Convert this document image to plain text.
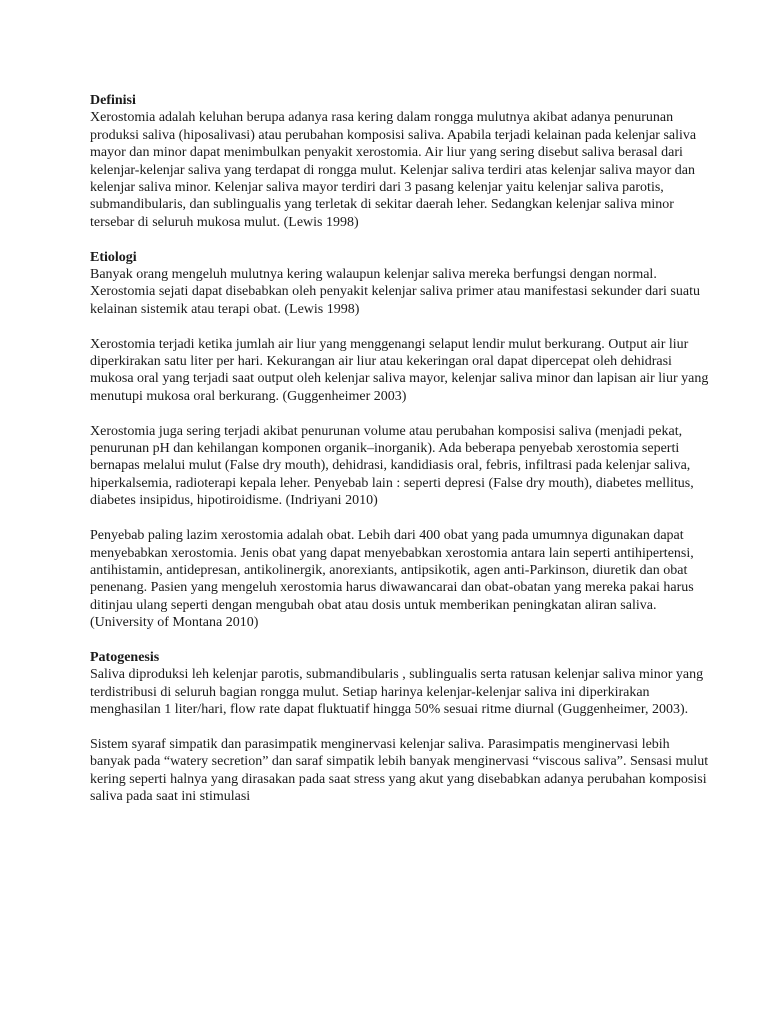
Definisi

Xerostomia adalah keluhan berupa adanya rasa kering dalam rongga mulutnya akibat adanya penurunan produksi saliva (hiposalivasi) atau perubahan komposisi saliva. Apabila terjadi kelainan pada kelenjar saliva mayor dan minor dapat menimbulkan penyakit xerostomia. Air liur yang sering disebut saliva berasal dari kelenjar-kelenjar saliva yang terdapat di rongga mulut. Kelenjar saliva terdiri atas kelenjar saliva mayor dan kelenjar saliva minor. Kelenjar saliva mayor terdiri dari 3 pasang kelenjar yaitu kelenjar saliva parotis, submandibularis, dan sublingualis yang terletak di sekitar daerah leher. Sedangkan kelenjar saliva minor tersebar di seluruh mukosa mulut. (Lewis 1998)

Etiologi

Banyak orang mengeluh mulutnya kering walaupun kelenjar saliva mereka berfungsi dengan normal. Xerostomia sejati dapat disebabkan oleh penyakit kelenjar saliva primer atau manifestasi sekunder dari suatu kelainan sistemik atau terapi obat. (Lewis 1998)

Xerostomia terjadi ketika jumlah air liur yang menggenangi selaput lendir mulut berkurang. Output air liur diperkirakan satu liter per hari. Kekurangan air liur atau kekeringan oral dapat dipercepat oleh dehidrasi mukosa oral yang terjadi saat output oleh kelenjar saliva mayor, kelenjar saliva minor dan lapisan air liur yang menutupi mukosa oral berkurang. (Guggenheimer 2003)

Xerostomia juga sering terjadi akibat penurunan volume atau perubahan komposisi saliva (menjadi pekat, penurunan pH dan kehilangan komponen organik–inorganik). Ada beberapa penyebab xerostomia seperti bernapas melalui mulut (False dry mouth), dehidrasi, kandidiasis oral, febris, infiltrasi pada kelenjar saliva, hiperkalsemia, radioterapi kepala leher. Penyebab lain : seperti depresi (False dry mouth), diabetes mellitus, diabetes insipidus, hipotiroidisme. (Indriyani 2010)

Penyebab paling lazim xerostomia adalah obat. Lebih dari 400 obat yang pada umumnya digunakan dapat menyebabkan xerostomia. Jenis obat yang dapat menyebabkan xerostomia antara lain seperti antihipertensi, antihistamin, antidepresan, antikolinergik, anorexiants, antipsikotik, agen anti-Parkinson, diuretik dan obat penenang. Pasien yang mengeluh xerostomia harus diwawancarai dan obat-obatan yang mereka pakai harus ditinjau ulang seperti dengan mengubah obat atau dosis untuk memberikan peningkatan aliran saliva. (University of Montana 2010)

Patogenesis

Saliva diproduksi leh kelenjar parotis, submandibularis , sublingualis serta ratusan kelenjar saliva minor yang terdistribusi di seluruh bagian rongga mulut. Setiap harinya kelenjar-kelenjar saliva ini diperkirakan menghasilan 1 liter/hari, flow rate dapat fluktuatif hingga 50% sesuai ritme diurnal (Guggenheimer, 2003).

Sistem syaraf simpatik dan parasimpatik menginervasi kelenjar saliva. Parasimpatis menginervasi lebih banyak pada “watery secretion” dan saraf simpatik lebih banyak menginervasi “viscous saliva”. Sensasi mulut kering seperti halnya yang dirasakan pada saat stress yang akut yang disebabkan adanya perubahan komposisi saliva pada saat ini stimulasi
